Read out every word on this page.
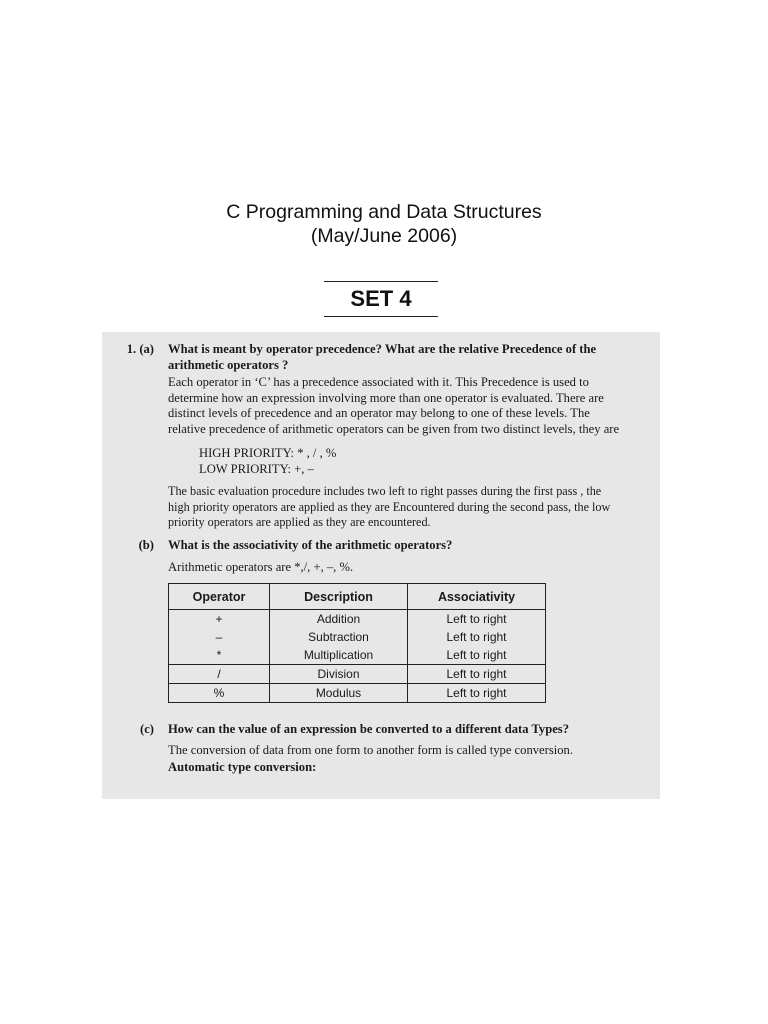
C Programming and Data Structures
(May/June 2006)
SET 4
1. (a) What is meant by operator precedence? What are the relative Precedence of the
arithmetic operators ?
Each operator in ‘C’ has a precedence associated with it. This Precedence is used to
determine how an expression involving more than one operator is evaluated. There are
distinct levels of precedence and an operator may belong to one of these levels. The
relative precedence of arithmetic operators can be given from two distinct levels, they are
HIGH PRIORITY: * , / , %
LOW PRIORITY: +, –
The basic evaluation procedure includes two left to right passes during the first pass , the
high priority operators are applied as they are Encountered during the second pass, the low
priority operators are applied as they are encountered.
(b) What is the associativity of the arithmetic operators?
Arithmetic operators are *,/, +, –, %.
Operator	Description	Associativity
+	Addition	Left to right
–	Subtraction	Left to right
*	Multiplication	Left to right
/	Division	Left to right
%	Modulus	Left to right
(c) How can the value of an expression be converted to a different data Types?
The conversion of data from one form to another form is called type conversion.
Automatic type conversion:
